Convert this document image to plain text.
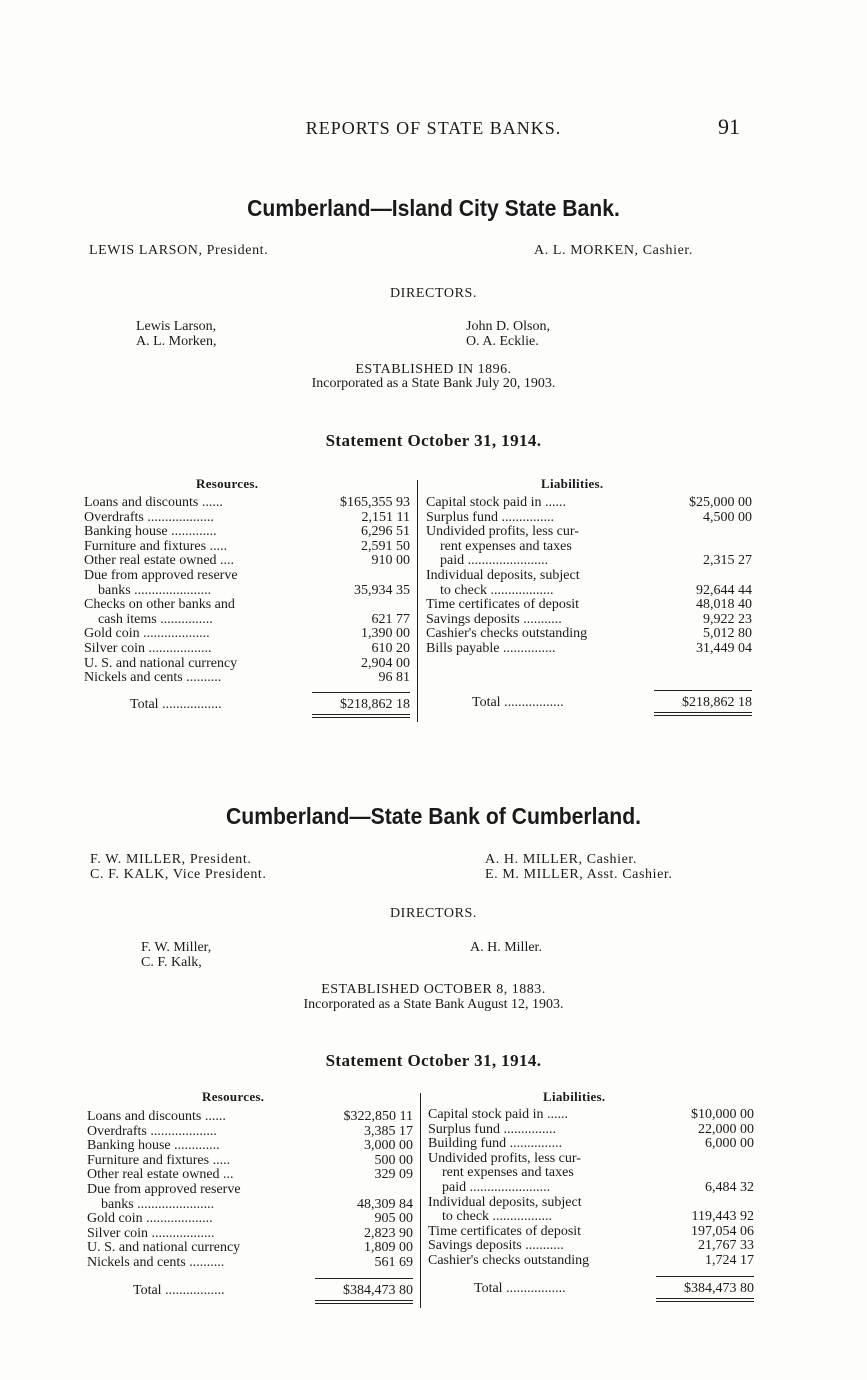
REPORTS OF STATE BANKS.	91
Cumberland—Island City State Bank.
LEWIS LARSON, President.	A. L. MORKEN, Cashier.
DIRECTORS.
Lewis Larson,
A. L. Morken,
John D. Olson,
O. A. Ecklie.
ESTABLISHED IN 1896.
Incorporated as a State Bank July 20, 1903.
Statement October 31, 1914.
Resources.	Liabilities.
Loans and discounts ......	$165,355 93
Overdrafts ...................	2,151 11
Banking house .............	6,296 51
Furniture and fixtures .....	2,591 50
Other real estate owned ....	910 00
Due from approved reserve
banks ......................	35,934 35
Checks on other banks and
cash items ...............	621 77
Gold coin ...................	1,390 00
Silver coin ..................	610 20
U. S. and national currency	2,904 00
Nickels and cents ..........	96 81
Total .................	$218,862 18
Capital stock paid in ......	$25,000 00
Surplus fund ...............	4,500 00
Undivided profits, less cur-
rent expenses and taxes
paid .......................	2,315 27
Individual deposits, subject
to check ..................	92,644 44
Time certificates of deposit	48,018 40
Savings deposits ...........	9,922 23
Cashier's checks outstanding	5,012 80
Bills payable ...............	31,449 04
Total .................	$218,862 18
Cumberland—State Bank of Cumberland.
F. W. MILLER, President.
C. F. KALK, Vice President.
A. H. MILLER, Cashier.
E. M. MILLER, Asst. Cashier.
DIRECTORS.
F. W. Miller,
C. F. Kalk,
A. H. Miller.
ESTABLISHED OCTOBER 8, 1883.
Incorporated as a State Bank August 12, 1903.
Statement October 31, 1914.
Resources.	Liabilities.
Loans and discounts ......	$322,850 11
Overdrafts ...................	3,385 17
Banking house .............	3,000 00
Furniture and fixtures .....	500 00
Other real estate owned ...	329 09
Due from approved reserve
banks ......................	48,309 84
Gold coin ...................	905 00
Silver coin ..................	2,823 90
U. S. and national currency	1,809 00
Nickels and cents ..........	561 69
Total .................	$384,473 80
Capital stock paid in ......	$10,000 00
Surplus fund ...............	22,000 00
Building fund ...............	6,000 00
Undivided profits, less cur-
rent expenses and taxes
paid .......................	6,484 32
Individual deposits, subject
to check .................	119,443 92
Time certificates of deposit	197,054 06
Savings deposits ...........	21,767 33
Cashier's checks outstanding	1,724 17
Total .................	$384,473 80
